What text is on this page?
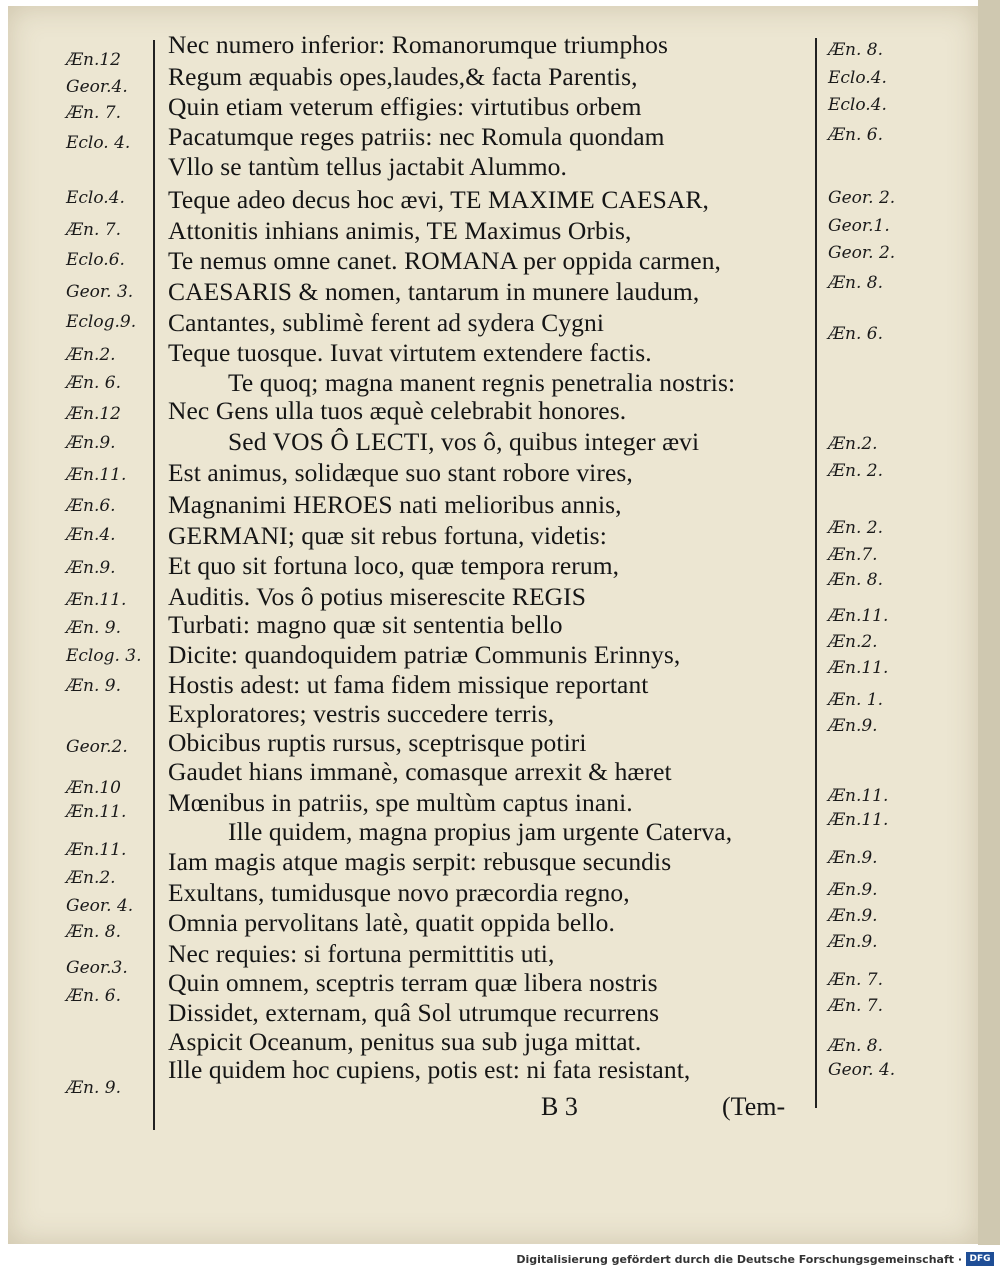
Æn.12
Geor.4.
Æn. 7.
Eclo. 4.
Eclo.4.
Æn. 7.
Eclo.6.
Geor. 3.
Eclog.9.
Æn.2.
Æn. 6.
Æn.12
Æn.9.
Æn.11.
Æn.6.
Æn.4.
Æn.9.
Æn.11.
Æn. 9.
Eclog. 3.
Æn. 9.
Geor.2.
Æn.10
Æn.11.
Æn.11.
Æn.2.
Geor. 4.
Æn. 8.
Geor.3.
Æn. 6.
Æn. 9.
Æn. 8.
Eclo.4.
Eclo.4.
Æn. 6.
Geor. 2.
Geor.1.
Geor. 2.
Æn. 8.
Æn. 6.
Æn.2.
Æn. 2.
Æn. 2.
Æn.7.
Æn. 8.
Æn.11.
Æn.2.
Æn.11.
Æn. 1.
Æn.9.
Æn.11.
Æn.11.
Æn.9.
Æn.9.
Æn.9.
Æn.9.
Æn. 7.
Æn. 7.
Æn. 8.
Geor. 4.
Nec numero inferior: Romanorumque triumphos
Regum æquabis opes,laudes,& facta Parentis,
Quin etiam veterum effigies: virtutibus orbem
Pacatumque reges patriis: nec Romula quondam
Vllo se tantùm tellus jactabit Alummo.
Teque adeo decus hoc ævi, TE MAXIME CAESAR,
Attonitis inhians animis, TE Maximus Orbis,
Te nemus omne canet. ROMANA per oppida carmen,
CAESARIS & nomen, tantarum in munere laudum,
Cantantes, sublimè ferent ad sydera Cygni
Teque tuosque. Iuvat virtutem extendere factis.
Te quoq; magna manent regnis penetralia nostris:
Nec Gens ulla tuos æquè celebrabit honores.
Sed VOS Ô LECTI, vos ô, quibus integer ævi
Est animus, solidæque suo stant robore vires,
Magnanimi HEROES nati melioribus annis,
GERMANI; quæ sit rebus fortuna, videtis:
Et quo sit fortuna loco, quæ tempora rerum,
Auditis. Vos ô potius miserescite REGIS
Turbati: magno quæ sit sententia bello
Dicite: quandoquidem patriæ Communis Erinnys,
Hostis adest: ut fama fidem missique reportant
Exploratores; vestris succedere terris,
Obicibus ruptis rursus, sceptrisque potiri
Gaudet hians immanè, comasque arrexit & hæret
Mœnibus in patriis, spe multùm captus inani.
Ille quidem, magna propius jam urgente Caterva,
Iam magis atque magis serpit: rebusque secundis
Exultans, tumidusque novo præcordia regno,
Omnia pervolitans latè, quatit oppida bello.
Nec requies: si fortuna permittitis uti,
Quin omnem, sceptris terram quæ libera nostris
Dissidet, externam, quâ Sol utrumque recurrens
Aspicit Oceanum, penitus sua sub juga mittat.
Ille quidem hoc cupiens, potis est: ni fata resistant,
B 3	(Tem-
Digitalisierung gefördert durch die Deutsche Forschungsgemeinschaft · DFG
